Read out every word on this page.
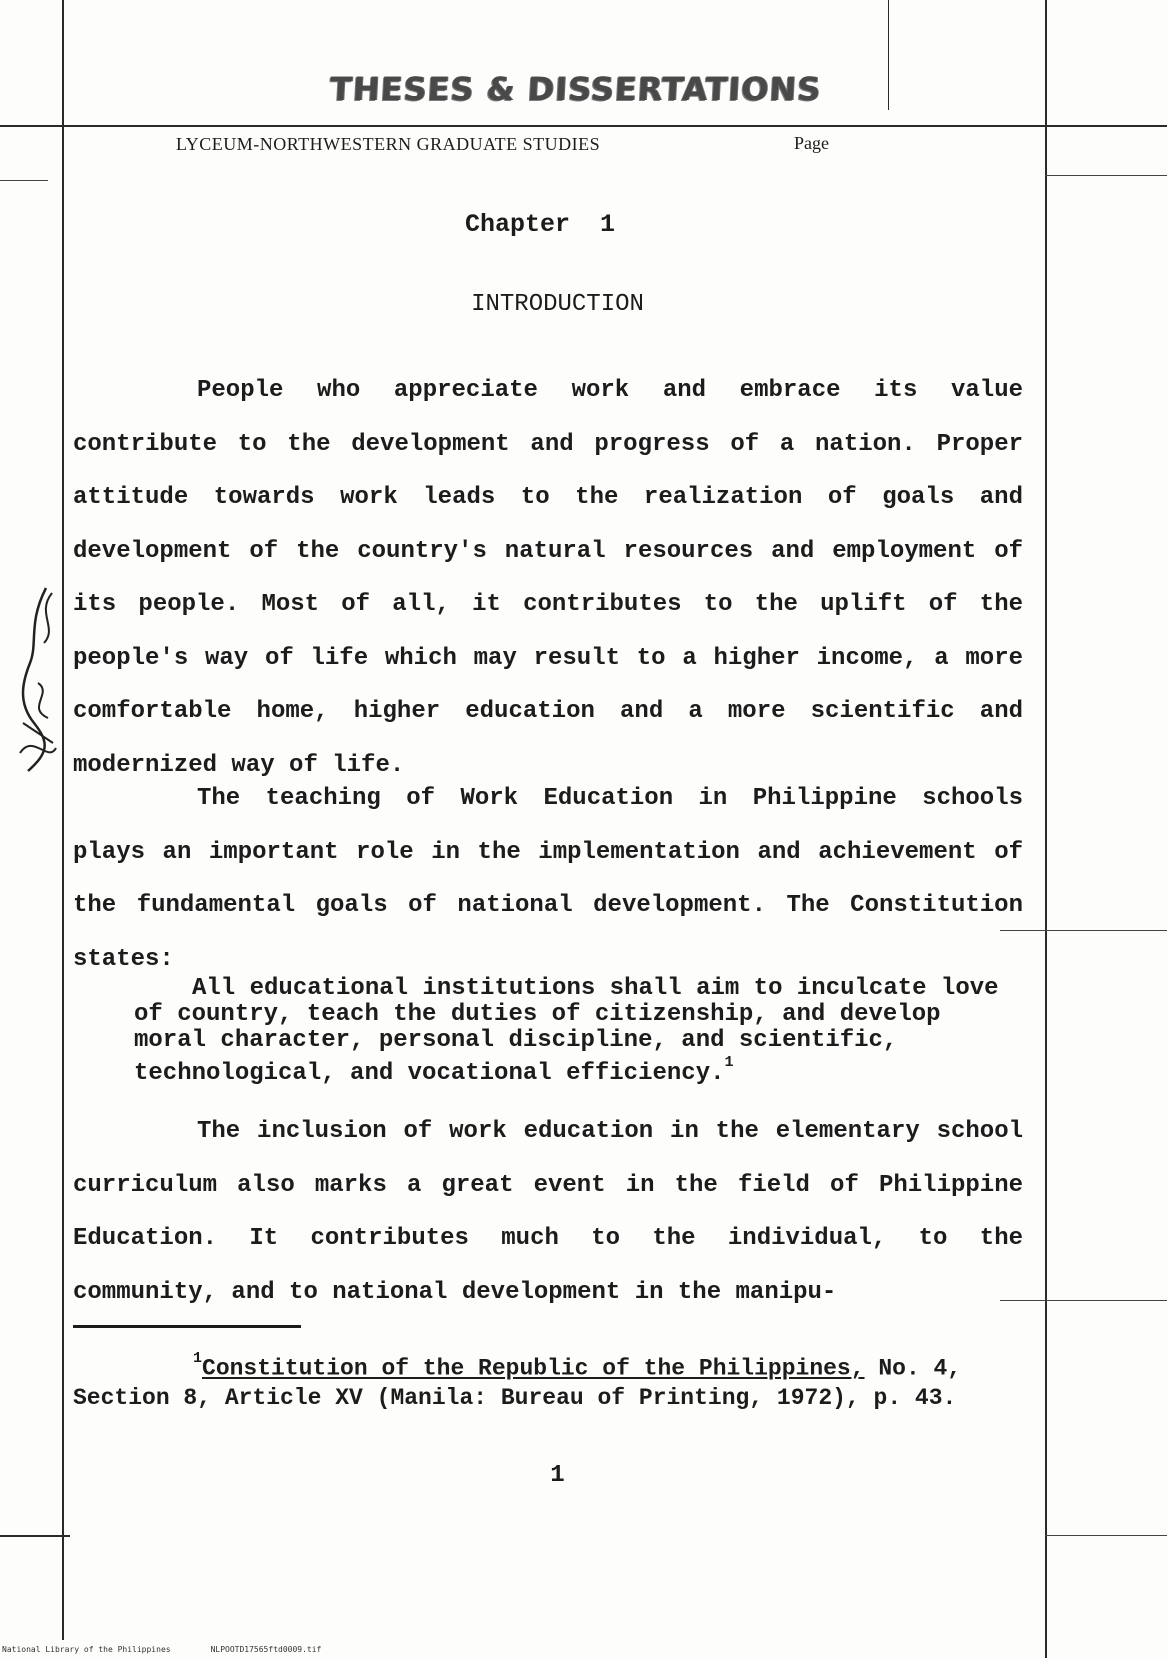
THESES & DISSERTATIONS
LYCEUM-NORTHWESTERN GRADUATE STUDIES	Page
Chapter  1
INTRODUCTION
People who appreciate work and embrace its value contribute to the development and progress of a nation. Proper attitude towards work leads to the realization of goals and development of the country's natural resources and employment of its people. Most of all, it contributes to the uplift of the people's way of life which may result to a higher income, a more comfortable home, higher education and a more scientific and modernized way of life.
The teaching of Work Education in Philippine schools plays an important role in the implementation and achievement of the fundamental goals of national development. The Constitution states:
All educational institutions shall aim to inculcate love of country, teach the duties of citizenship, and develop moral character, personal discipline, and scientific, technological, and vocational efficiency.$^1$
The inclusion of work education in the elementary school curriculum also marks a great event in the field of Philippine Education. It contributes much to the individual, to the community, and to national development in the manipu-
$^1$Constitution of the Republic of the Philippines, No. 4, Section 8, Article XV (Manila: Bureau of Printing, 1972), p. 43.
1
National Library of the Philippines	NLPOOTD17565ftd0009.tif
